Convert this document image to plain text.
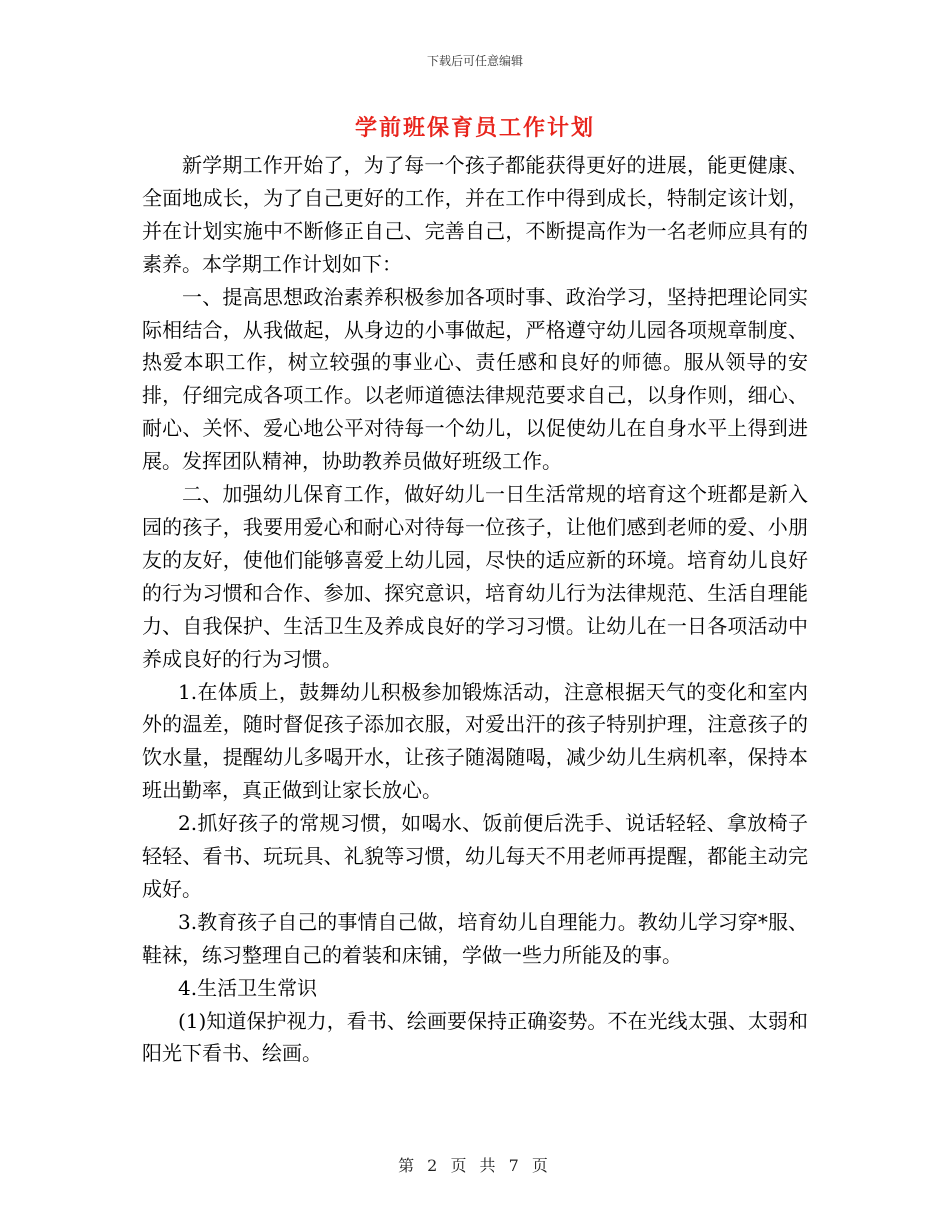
下载后可任意编辑
学前班保育员工作计划

新学期工作开始了，为了每一个孩子都能获得更好的进展，能更健康、全面地成长，为了自己更好的工作，并在工作中得到成长，特制定该计划，并在计划实施中不断修正自己、完善自己，不断提高作为一名老师应具有的素养。本学期工作计划如下：

一、提高思想政治素养积极参加各项时事、政治学习，坚持把理论同实际相结合，从我做起，从身边的小事做起，严格遵守幼儿园各项规章制度、热爱本职工作，树立较强的事业心、责任感和良好的师德。服从领导的安排，仔细完成各项工作。以老师道德法律规范要求自己，以身作则，细心、耐心、关怀、爱心地公平对待每一个幼儿，以促使幼儿在自身水平上得到进展。发挥团队精神，协助教养员做好班级工作。

二、加强幼儿保育工作，做好幼儿一日生活常规的培育这个班都是新入园的孩子，我要用爱心和耐心对待每一位孩子，让他们感到老师的爱、小朋友的友好，使他们能够喜爱上幼儿园，尽快的适应新的环境。培育幼儿良好的行为习惯和合作、参加、探究意识，培育幼儿行为法律规范、生活自理能力、自我保护、生活卫生及养成良好的学习习惯。让幼儿在一日各项活动中养成良好的行为习惯。

1.在体质上，鼓舞幼儿积极参加锻炼活动，注意根据天气的变化和室内外的温差，随时督促孩子添加衣服，对爱出汗的孩子特别护理，注意孩子的饮水量，提醒幼儿多喝开水，让孩子随渴随喝，减少幼儿生病机率，保持本班出勤率，真正做到让家长放心。

2.抓好孩子的常规习惯，如喝水、饭前便后洗手、说话轻轻、拿放椅子轻轻、看书、玩玩具、礼貌等习惯，幼儿每天不用老师再提醒，都能主动完成好。

3.教育孩子自己的事情自己做，培育幼儿自理能力。教幼儿学习穿*服、鞋袜，练习整理自己的着装和床铺，学做一些力所能及的事。

4.生活卫生常识

(1)知道保护视力，看书、绘画要保持正确姿势。不在光线太强、太弱和阳光下看书、绘画。

第 2 页 共 7 页
